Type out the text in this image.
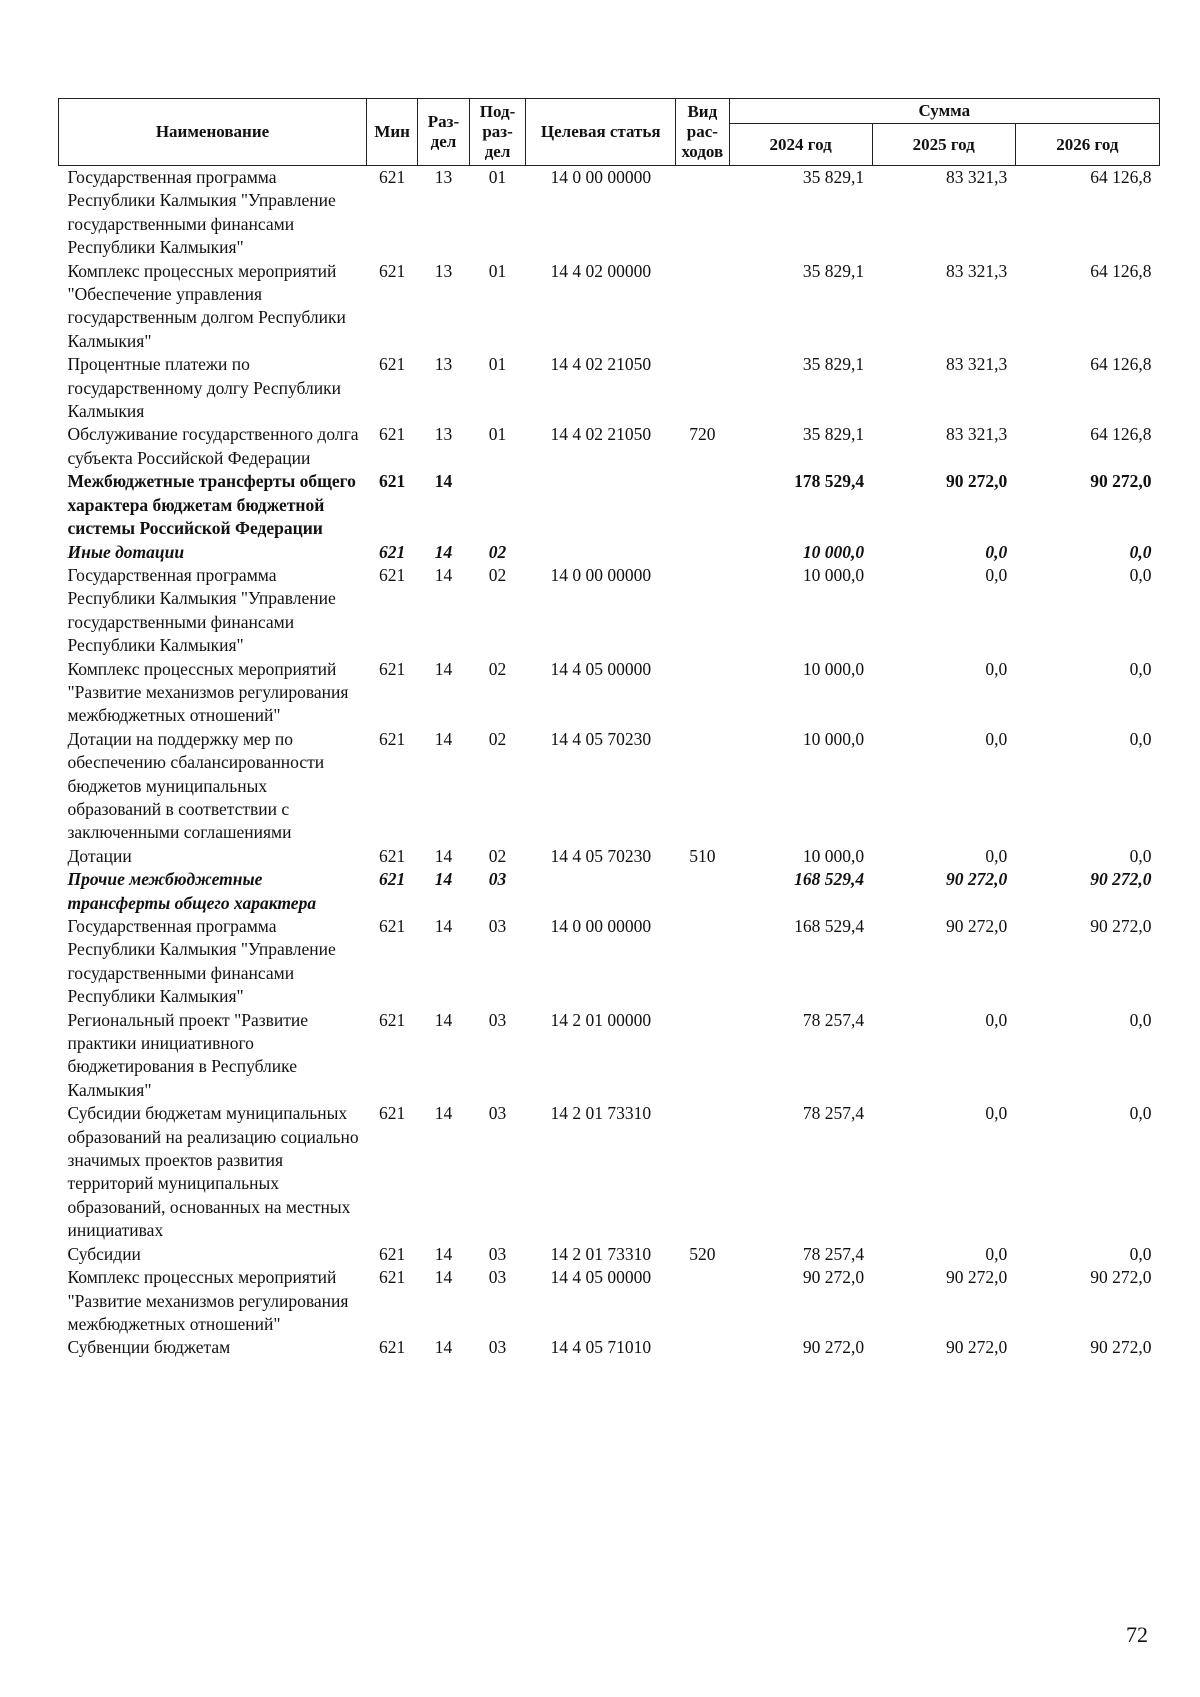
Наименование	Мин	Раз-дел	Под-раз-дел	Целевая статья	Вид рас-ходов	Сумма		
						2024 год	2025 год	2026 год
Государственная программа Республики Калмыкия "Управление государственными финансами Республики Калмыкия"	621	13	01	14 0 00 00000		35 829,1	83 321,3	64 126,8
Комплекс процессных мероприятий "Обеспечение управления государственным долгом Республики Калмыкия"	621	13	01	14 4 02 00000		35 829,1	83 321,3	64 126,8
Процентные платежи по государственному долгу Республики Калмыкия	621	13	01	14 4 02 21050		35 829,1	83 321,3	64 126,8
Обслуживание государственного долга субъекта Российской Федерации	621	13	01	14 4 02 21050	720	35 829,1	83 321,3	64 126,8
Межбюджетные трансферты общего характера бюджетам бюджетной системы Российской Федерации	621	14				178 529,4	90 272,0	90 272,0
Иные дотации	621	14	02			10 000,0	0,0	0,0
Государственная программа Республики Калмыкия "Управление государственными финансами Республики Калмыкия"	621	14	02	14 0 00 00000		10 000,0	0,0	0,0
Комплекс процессных мероприятий "Развитие механизмов регулирования межбюджетных отношений"	621	14	02	14 4 05 00000		10 000,0	0,0	0,0
Дотации на поддержку мер по обеспечению сбалансированности бюджетов муниципальных образований в соответствии с заключенными соглашениями	621	14	02	14 4 05 70230		10 000,0	0,0	0,0
Дотации	621	14	02	14 4 05 70230	510	10 000,0	0,0	0,0
Прочие межбюджетные трансферты общего характера	621	14	03			168 529,4	90 272,0	90 272,0
Государственная программа Республики Калмыкия "Управление государственными финансами Республики Калмыкия"	621	14	03	14 0 00 00000		168 529,4	90 272,0	90 272,0
Региональный проект "Развитие практики инициативного бюджетирования в Республике Калмыкия"	621	14	03	14 2 01 00000		78 257,4	0,0	0,0
Субсидии бюджетам муниципальных образований на реализацию социально значимых проектов развития территорий муниципальных образований, основанных на местных инициативах	621	14	03	14 2 01 73310		78 257,4	0,0	0,0
Субсидии	621	14	03	14 2 01 73310	520	78 257,4	0,0	0,0
Комплекс процессных мероприятий "Развитие механизмов регулирования межбюджетных отношений"	621	14	03	14 4 05 00000		90 272,0	90 272,0	90 272,0
Субвенции бюджетам	621	14	03	14 4 05 71010		90 272,0	90 272,0	90 272,0
72
